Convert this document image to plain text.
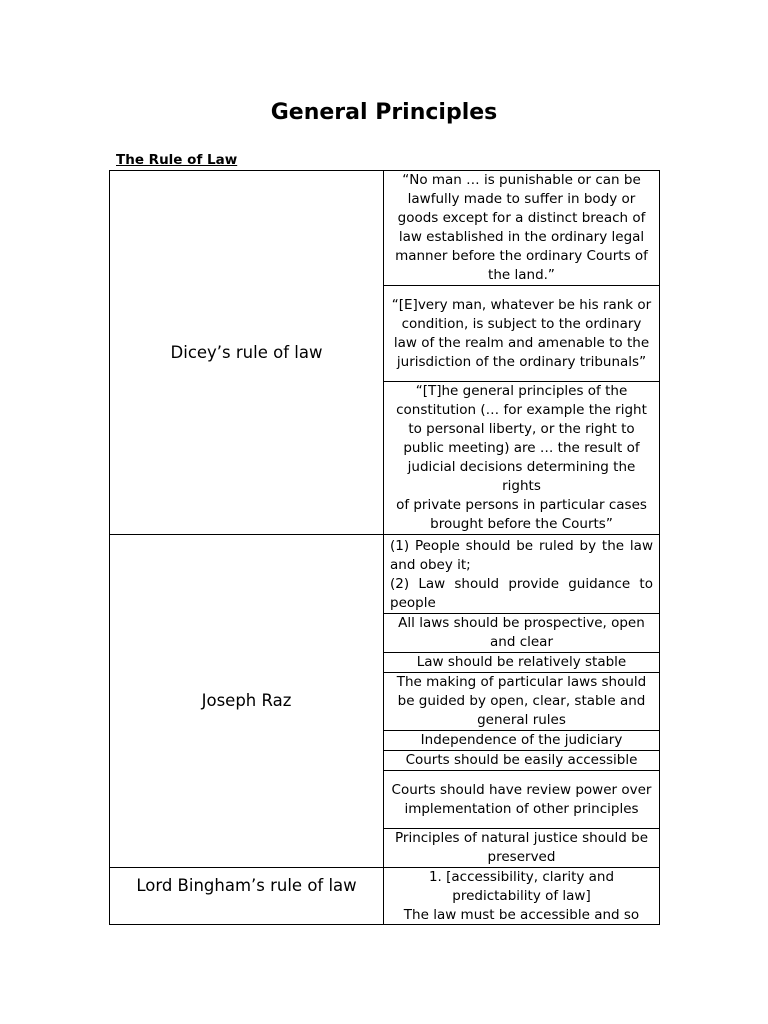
General Principles
The Rule of Law
Dicey’s rule of law	“No man … is punishable or can be lawfully made to suffer in body or goods except for a distinct breach of law established in the ordinary legal manner before the ordinary Courts of the land.”
	“[E]very man, whatever be his rank or condition, is subject to the ordinary law of the realm and amenable to the jurisdiction of the ordinary tribunals”

	“[T]he general principles of the constitution (… for example the right to personal liberty, or the right to public meeting) are … the result of judicial decisions determining the rights
of private persons in particular cases brought before the Courts”

Joseph Raz	(1) People should be ruled by the law and obey it;
(2) Law should provide guidance to people

	All laws should be prospective, open and clear
	Law should be relatively stable
	The making of particular laws should be guided by open, clear, stable and general rules
	Independence of the judiciary
	Courts should be easily accessible
	Courts should have review power over implementation of other principles
	Principles of natural justice should be preserved
Lord Bingham’s rule of law	1. [accessibility, clarity and predictability of law]
The law must be accessible and so
